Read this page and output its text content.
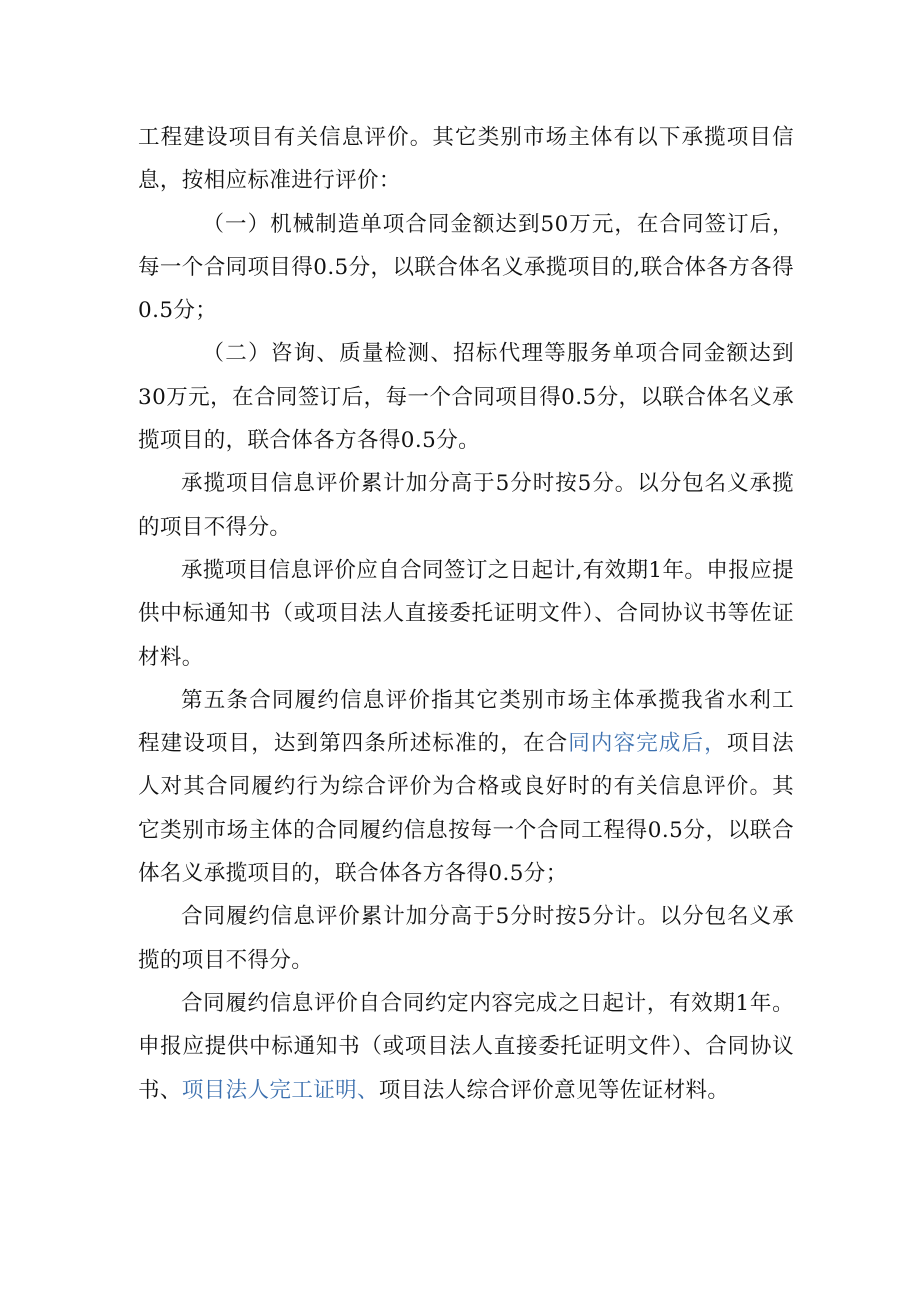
工程建设项目有关信息评价。其它类别市场主体有以下承揽项目信息，按相应标准进行评价：

（一）机械制造单项合同金额达到50万元，在合同签订后，每一个合同项目得0.5分，以联合体名义承揽项目的,联合体各方各得0.5分；

（二）咨询、质量检测、招标代理等服务单项合同金额达到30万元，在合同签订后，每一个合同项目得0.5分，以联合体名义承揽项目的，联合体各方各得0.5分。

承揽项目信息评价累计加分高于5分时按5分。以分包名义承揽的项目不得分。

承揽项目信息评价应自合同签订之日起计,有效期1年。申报应提供中标通知书（或项目法人直接委托证明文件）、合同协议书等佐证材料。

第五条合同履约信息评价指其它类别市场主体承揽我省水利工程建设项目，达到第四条所述标准的，在合同内容完成后，项目法人对其合同履约行为综合评价为合格或良好时的有关信息评价。其它类别市场主体的合同履约信息按每一个合同工程得0.5分，以联合体名义承揽项目的，联合体各方各得0.5分；

合同履约信息评价累计加分高于5分时按5分计。以分包名义承揽的项目不得分。

合同履约信息评价自合同约定内容完成之日起计，有效期1年。申报应提供中标通知书（或项目法人直接委托证明文件）、合同协议书、项目法人完工证明、项目法人综合评价意见等佐证材料。
